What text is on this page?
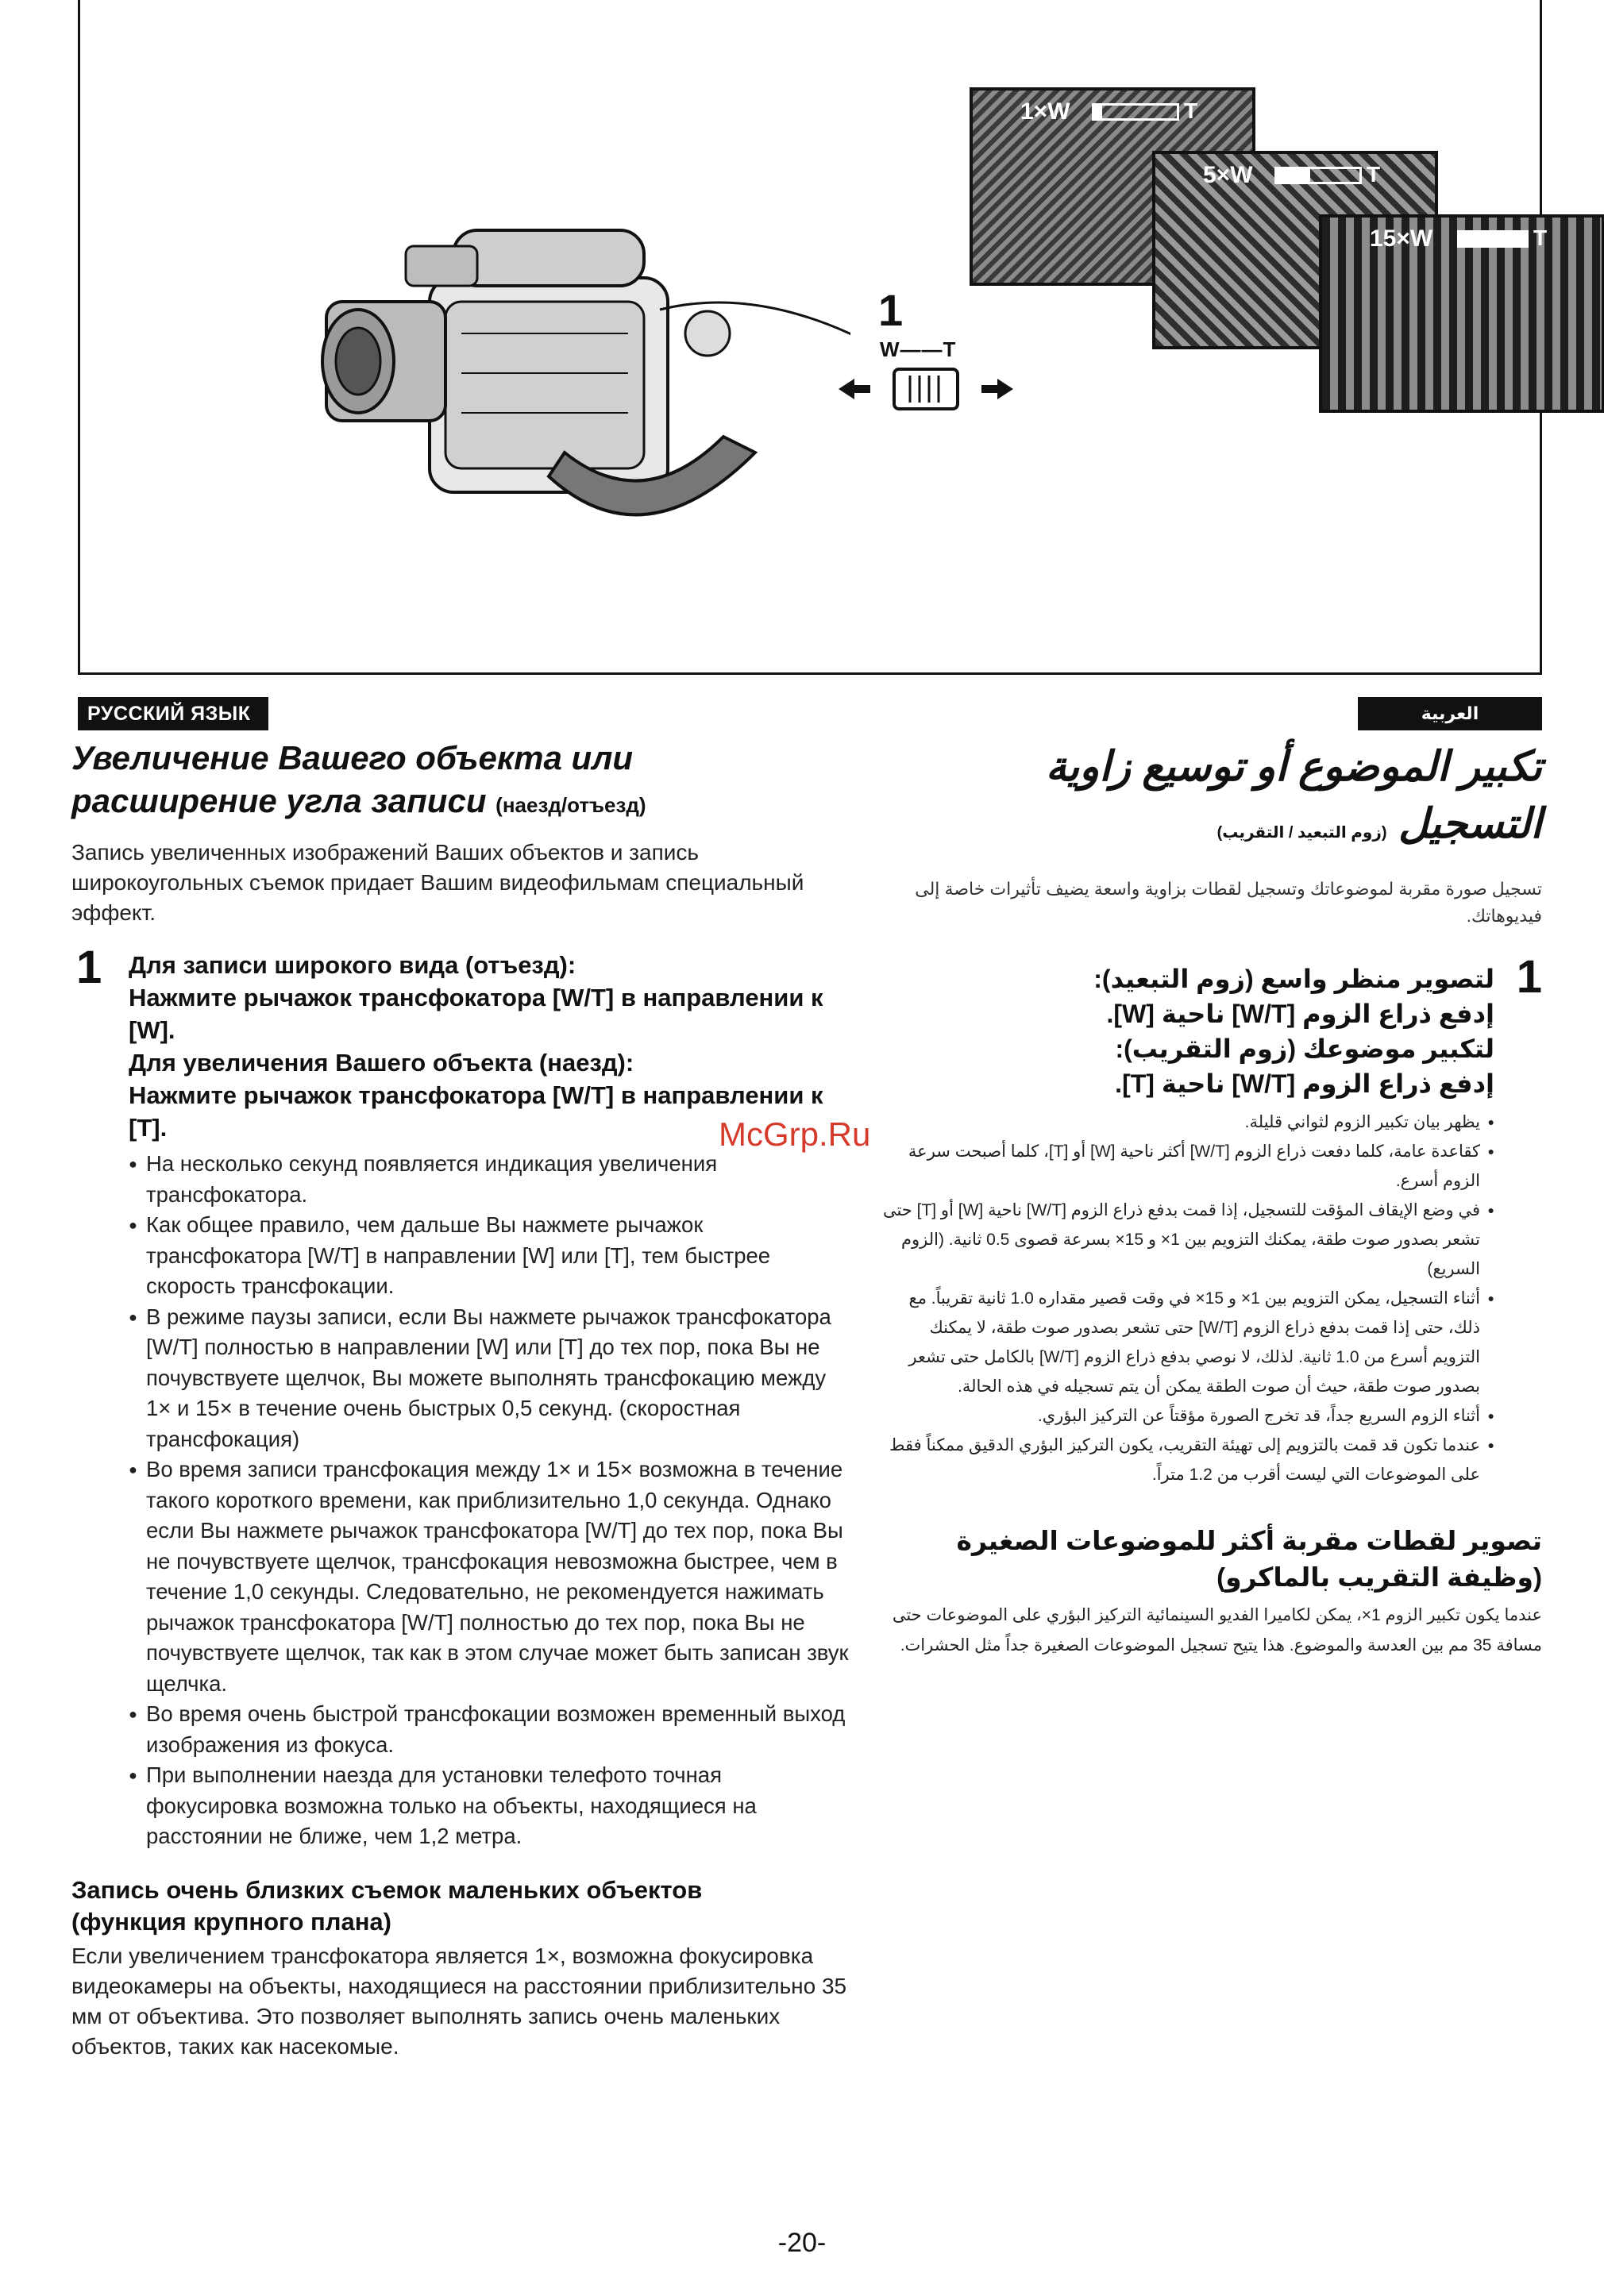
1
W——T
1×W	T
5×W	T
15×W	T
РУССКИЙ ЯЗЫК	العربية
Увеличение Вашего объекта или
расширение угла записи (наезд/отъезд)

Запись увеличенных изображений Ваших объектов и запись широкоугольных съемок придает Вашим видеофильмам специальный эффект.

1 Для записи широкого вида (отъезд):
Нажмите рычажок трансфокатора [W/T] в направлении к [W].
Для увеличения Вашего объекта (наезд):
Нажмите рычажок трансфокатора [W/T] в направлении к [T].
● На несколько секунд появляется индикация увеличения трансфокатора.
● Как общее правило, чем дальше Вы нажмете рычажок трансфокатора [W/T] в направлении [W] или [T], тем быстрее скорость трансфокации.
● В режиме паузы записи, если Вы нажмете рычажок трансфокатора [W/T] полностью в направлении [W] или [T] до тех пор, пока Вы не почувствуете щелчок, Вы можете выполнять трансфокацию между 1× и 15× в течение очень быстрых 0,5 секунд. (скоростная трансфокация)
● Во время записи трансфокация между 1× и 15× возможна в течение такого короткого времени, как приблизительно 1,0 секунда. Однако если Вы нажмете рычажок трансфокатора [W/T] до тех пор, пока Вы не почувствуете щелчок, трансфокация невозможна быстрее, чем в течение 1,0 секунды. Следовательно, не рекомендуется нажимать рычажок трансфокатора [W/T] полностью до тех пор, пока Вы не почувствуете щелчок, так как в этом случае может быть записан звук щелчка.
● Во время очень быстрой трансфокации возможен временный выход изображения из фокуса.
● При выполнении наезда для установки телефото точная фокусировка возможна только на объекты, находящиеся на расстоянии не ближе, чем 1,2 метра.
Запись очень близких съемок маленьких объектов
(функция крупного плана)

Если увеличением трансфокатора является 1×, возможна фокусировка видеокамеры на объекты, находящиеся на расстоянии приблизительно 35 мм от объектива. Это позволяет выполнять запись очень маленьких объектов, таких как насекомые.

تكبير الموضوع أو توسيع زاوية
التسجيل (زوم التبعيد / التقريب)

تسجيل صورة مقربة لموضوعاتك وتسجيل لقطات بزاوية واسعة يضيف تأثيرات خاصة إلى فيديوهاتك.

1
لتصوير منظر واسع (زوم التبعيد):
إدفع ذراع الزوم [W/T] ناحية [W].
لتكبير موضوعك (زوم التقريب):
إدفع ذراع الزوم [W/T] ناحية [T].
● يظهر بيان تكبير الزوم لثواني قليلة.
● كقاعدة عامة، كلما دفعت ذراع الزوم [W/T] أكثر ناحية [W] أو [T]، كلما أصبحت سرعة الزوم أسرع.
● في وضع الإيقاف المؤقت للتسجيل، إذا قمت بدفع ذراع الزوم [W/T] ناحية [W] أو [T] حتى تشعر بصدور صوت طقة، يمكنك التزويم بين 1× و 15× بسرعة قصوى 0.5 ثانية. (الزوم السريع)
● أثناء التسجيل، يمكن التزويم بين 1× و 15× في وقت قصير مقداره 1.0 ثانية تقريباً. مع ذلك، حتى إذا قمت بدفع ذراع الزوم [W/T] حتى تشعر بصدور صوت طقة، لا يمكنك التزويم أسرع من 1.0 ثانية. لذلك، لا نوصي بدفع ذراع الزوم [W/T] بالكامل حتى تشعر بصدور صوت طقة، حيث أن صوت الطقة يمكن أن يتم تسجيله في هذه الحالة.
● أثناء الزوم السريع جداً، قد تخرج الصورة مؤقتاً عن التركيز البؤري.
● عندما تكون قد قمت بالتزويم إلى تهيئة التقريب، يكون التركيز البؤري الدقيق ممكناً فقط على الموضوعات التي ليست أقرب من 1.2 متراً.
تصوير لقطات مقربة أكثر للموضوعات الصغيرة
(وظيفة التقريب بالماكرو)

عندما يكون تكبير الزوم 1×، يمكن لكاميرا الفديو السينمائية التركيز البؤري على الموضوعات حتى مسافة 35 مم بين العدسة والموضوع. هذا يتيح تسجيل الموضوعات الصغيرة جداً مثل الحشرات.

McGrp.Ru
-20-
